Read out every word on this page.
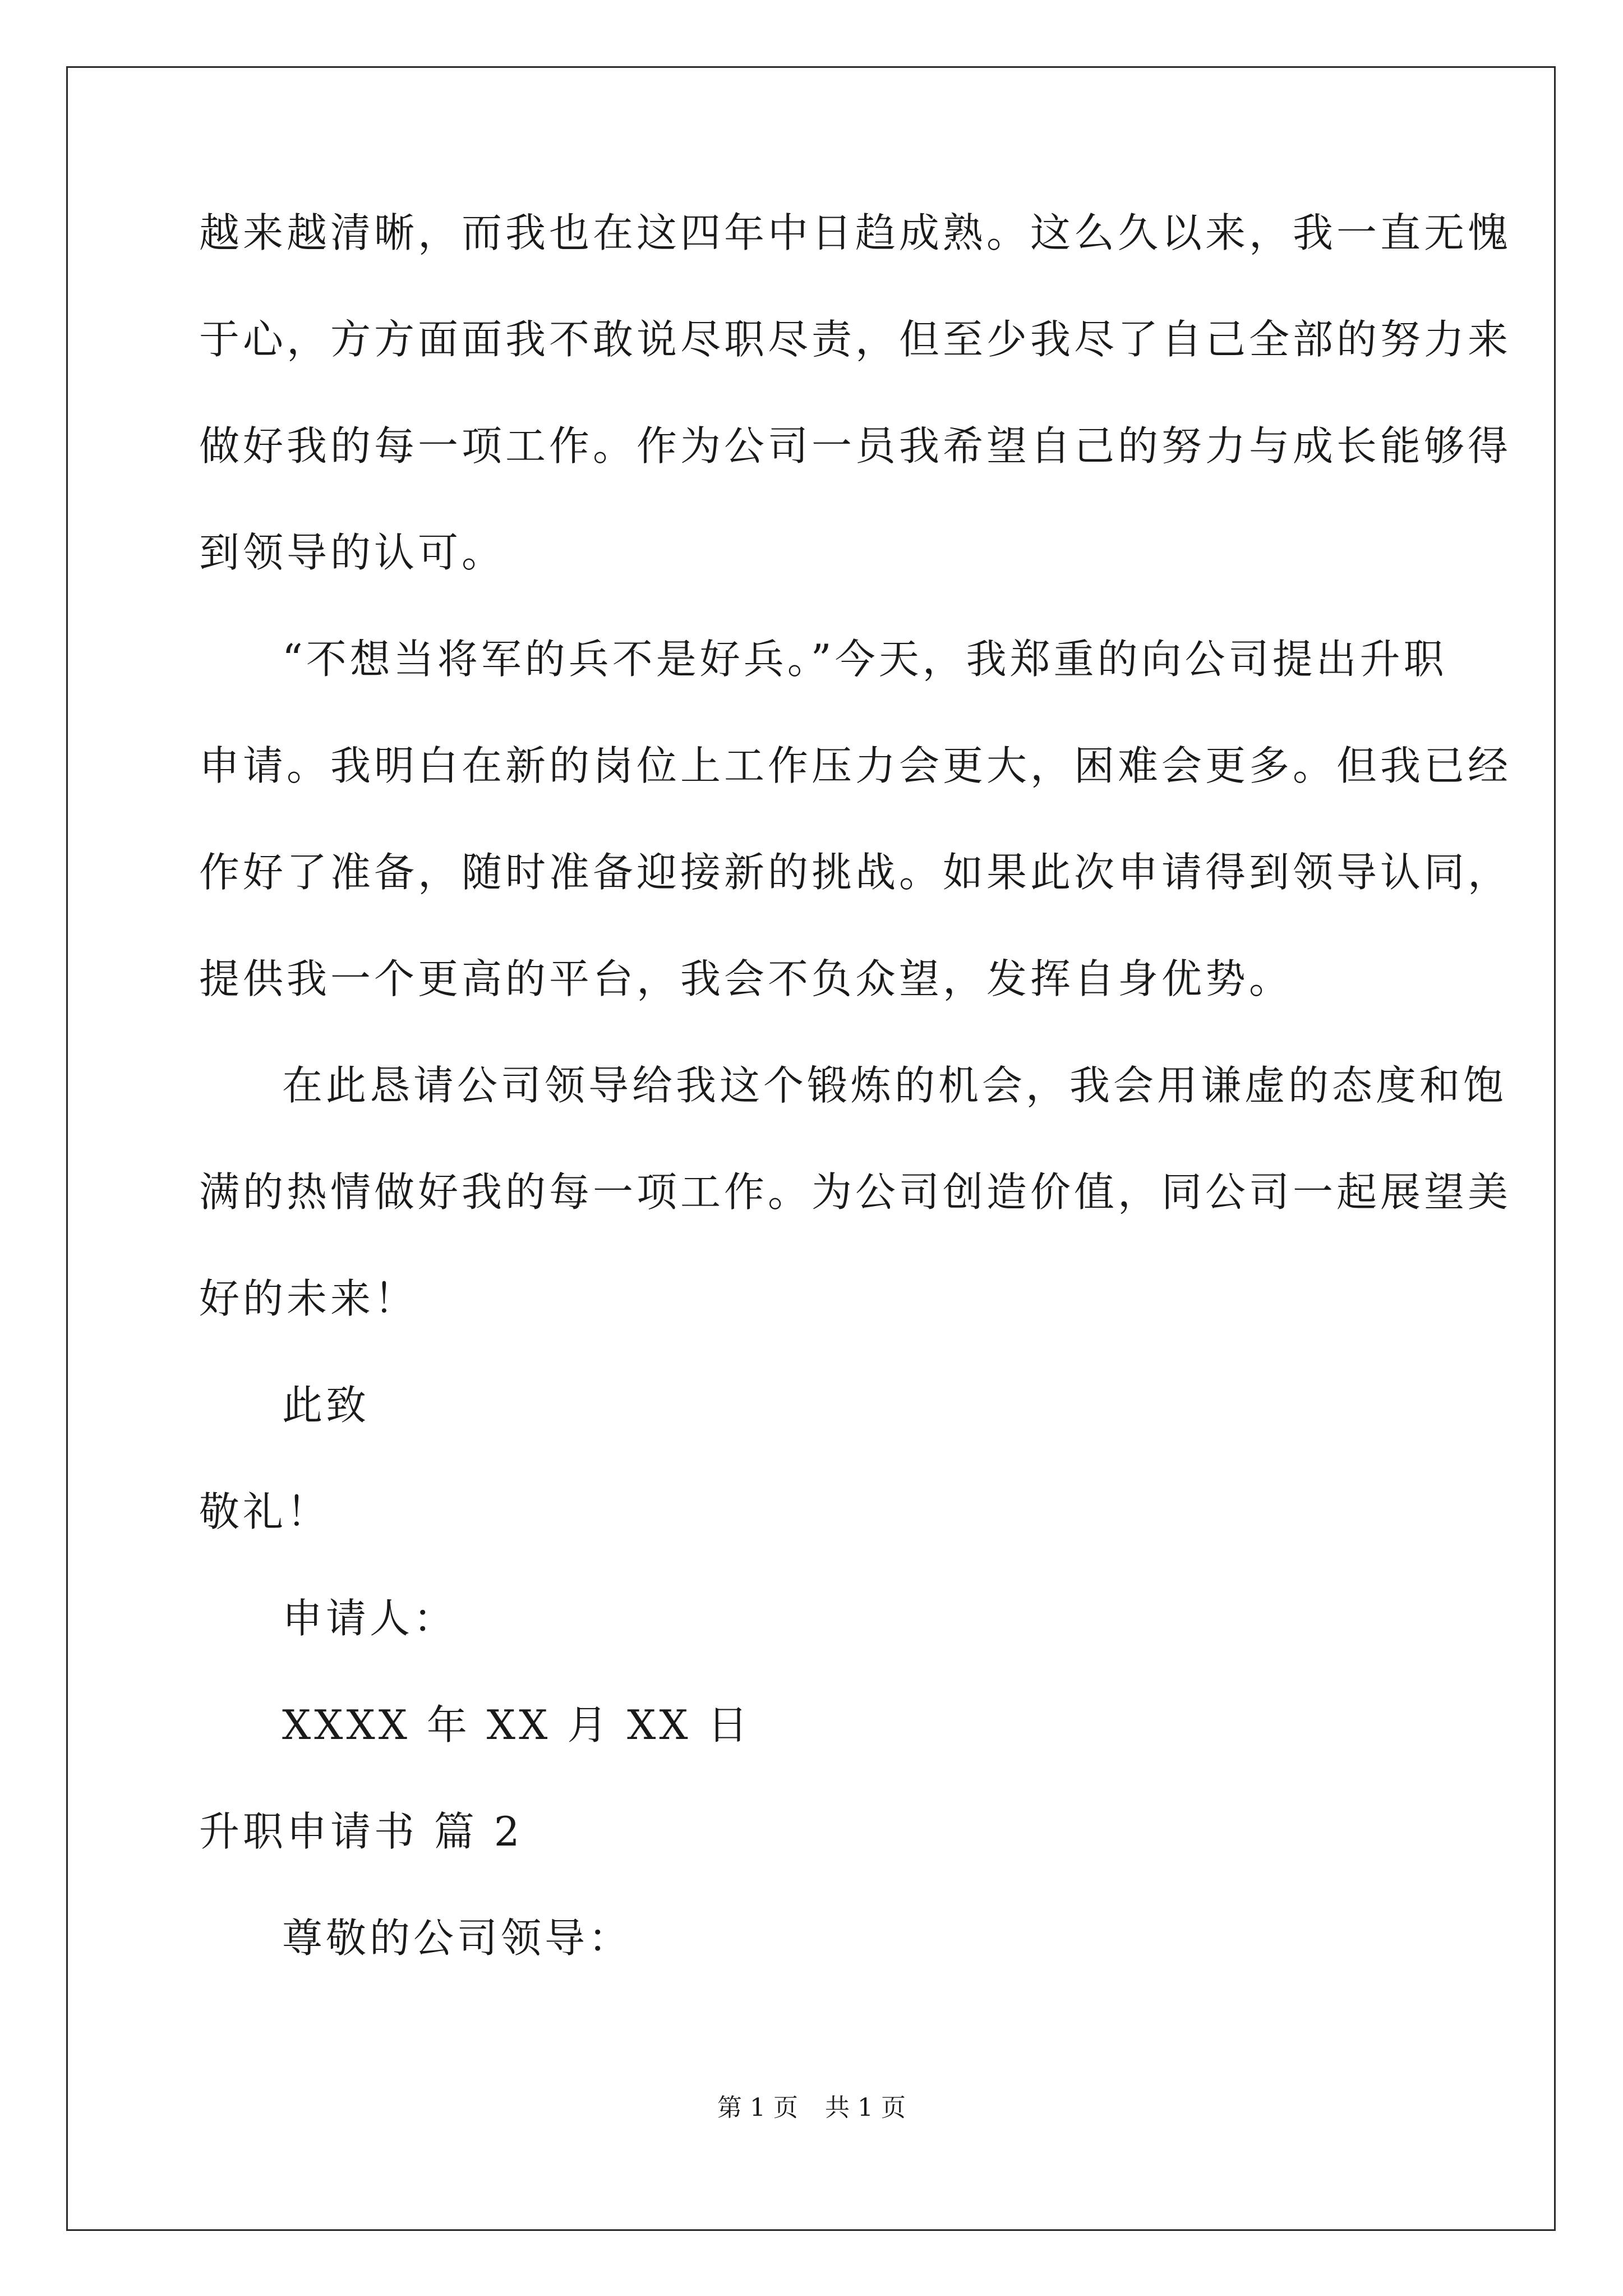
越来越清晰，而我也在这四年中日趋成熟。这么久以来，我一直无愧
于心，方方面面我不敢说尽职尽责，但至少我尽了自己全部的努力来
做好我的每一项工作。作为公司一员我希望自己的努力与成长能够得
到领导的认可。
“不想当将军的兵不是好兵。”今天，我郑重的向公司提出升职
申请。我明白在新的岗位上工作压力会更大，困难会更多。但我已经
作好了准备，随时准备迎接新的挑战。如果此次申请得到领导认同，
提供我一个更高的平台，我会不负众望，发挥自身优势。
在此恳请公司领导给我这个锻炼的机会，我会用谦虚的态度和饱
满的热情做好我的每一项工作。为公司创造价值，同公司一起展望美
好的未来！
此致
敬礼！
申请人：
XXXX 年 XX 月 XX 日
升职申请书 篇 2
尊敬的公司领导：
第 1 页 共 1 页
